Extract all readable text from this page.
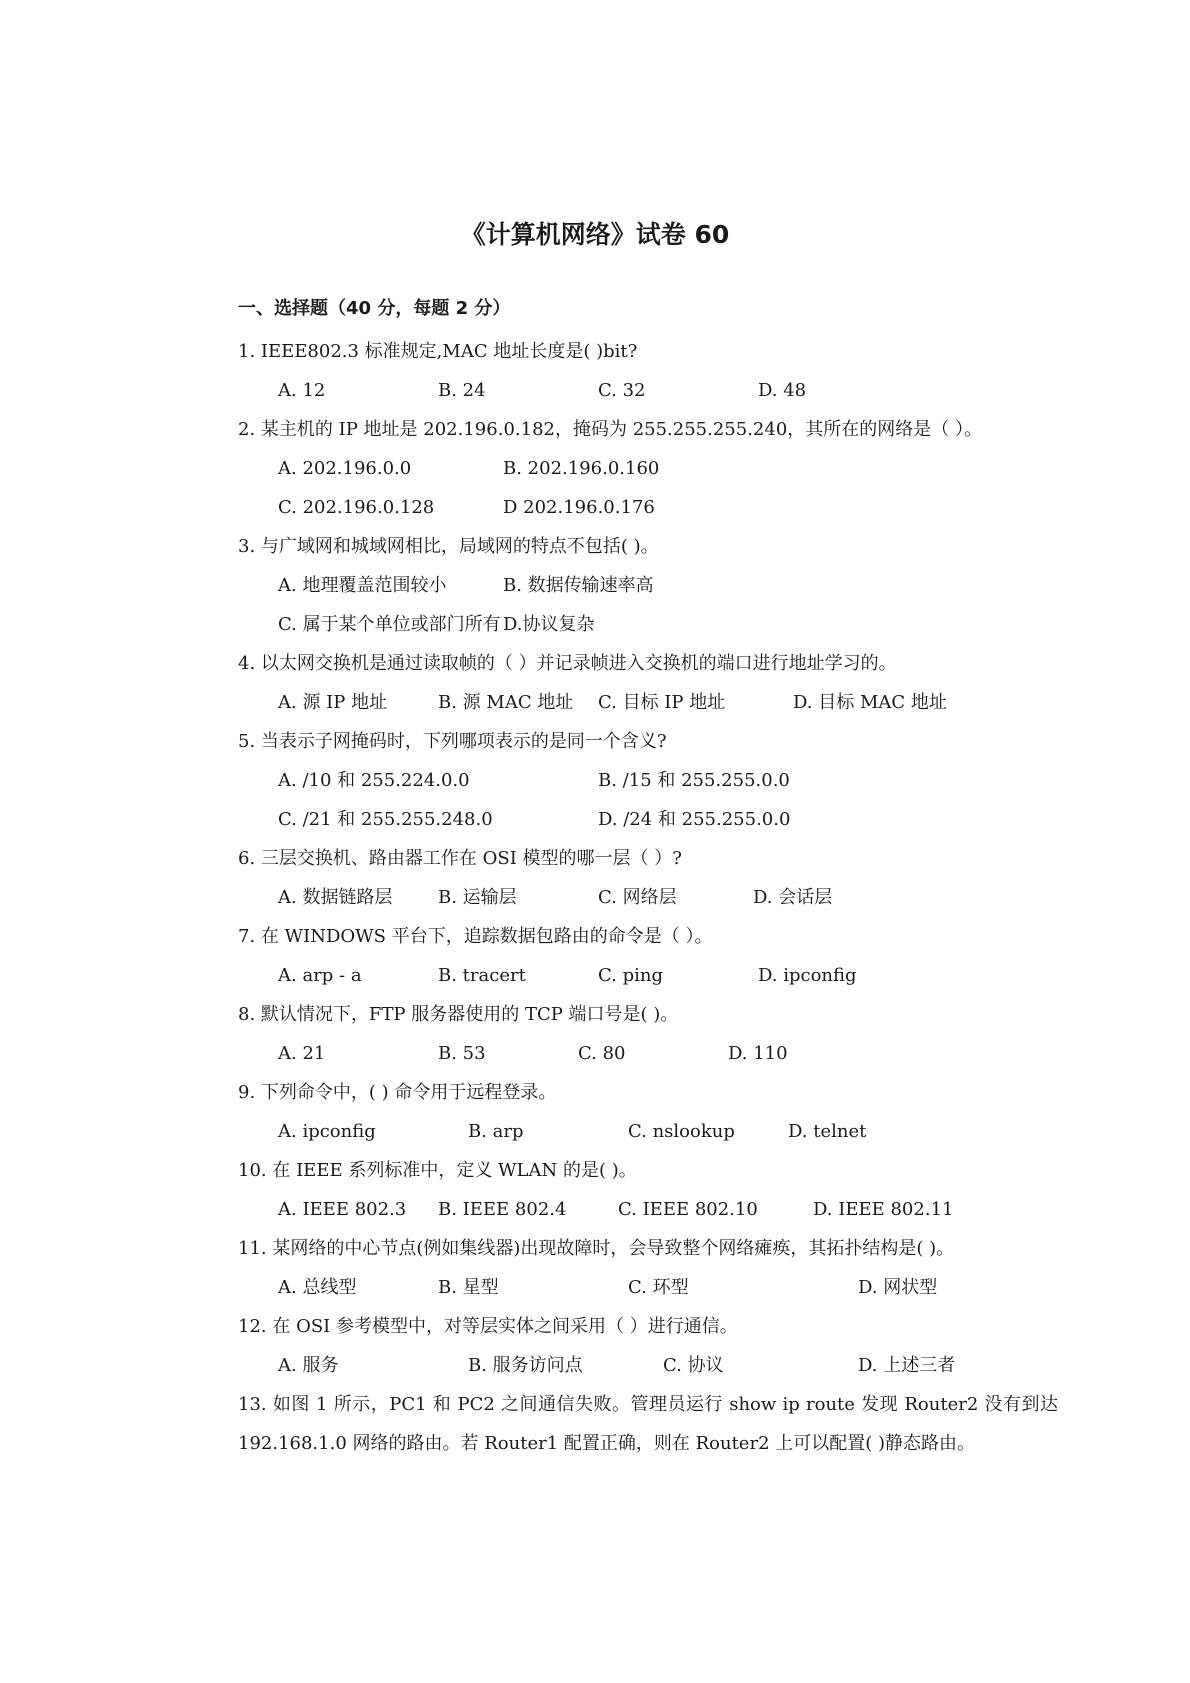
《计算机网络》试卷 60
一、选择题（40 分，每题 2 分）
1. IEEE802.3 标准规定,MAC 地址长度是( )bit?
A. 12	B. 24	C. 32	D. 48
2. 某主机的 IP 地址是 202.196.0.182，掩码为 255.255.255.240，其所在的网络是（ ）。
A. 202.196.0.0	B. 202.196.0.160
C. 202.196.0.128	D 202.196.0.176
3. 与广域网和城域网相比，局域网的特点不包括( )。
A. 地理覆盖范围较小	B. 数据传输速率高
C. 属于某个单位或部门所有 D.协议复杂
4. 以太网交换机是通过读取帧的（ ）并记录帧进入交换机的端口进行地址学习的。
A. 源 IP 地址	B. 源 MAC 地址 C. 目标 IP 地址	D. 目标 MAC 地址
5. 当表示子网掩码时，下列哪项表示的是同一个含义?
A. /10 和 255.224.0.0	B. /15 和 255.255.0.0
C. /21 和 255.255.248.0	D. /24 和 255.255.0.0
6. 三层交换机、路由器工作在 OSI 模型的哪一层（ ）?
A. 数据链路层	B. 运输层	C. 网络层	D. 会话层
7. 在 WINDOWS 平台下，追踪数据包路由的命令是（ ）。
A. arp - a	B. tracert	C. ping	D. ipconfig
8. 默认情况下，FTP 服务器使用的 TCP 端口号是( )。
A. 21	B. 53	C. 80	D. 110
9. 下列命令中，( ) 命令用于远程登录。
A. ipconfig	B. arp	C. nslookup	D. telnet
10. 在 IEEE 系列标准中，定义 WLAN 的是( )。
A. IEEE 802.3 B. IEEE 802.4	C. IEEE 802.10	D. IEEE 802.11
11. 某网络的中心节点(例如集线器)出现故障时，会导致整个网络瘫痪，其拓扑结构是( )。
A. 总线型	B. 星型	C. 环型	D. 网状型
12. 在 OSI 参考模型中，对等层实体之间采用（ ）进行通信。
A. 服务	B. 服务访问点	C. 协议	D. 上述三者
13. 如图 1 所示，PC1 和 PC2 之间通信失败。管理员运行 show ip route 发现 Router2 没有到达 192.168.1.0 网络的路由。若 Router1 配置正确，则在 Router2 上可以配置( )静态路由。
